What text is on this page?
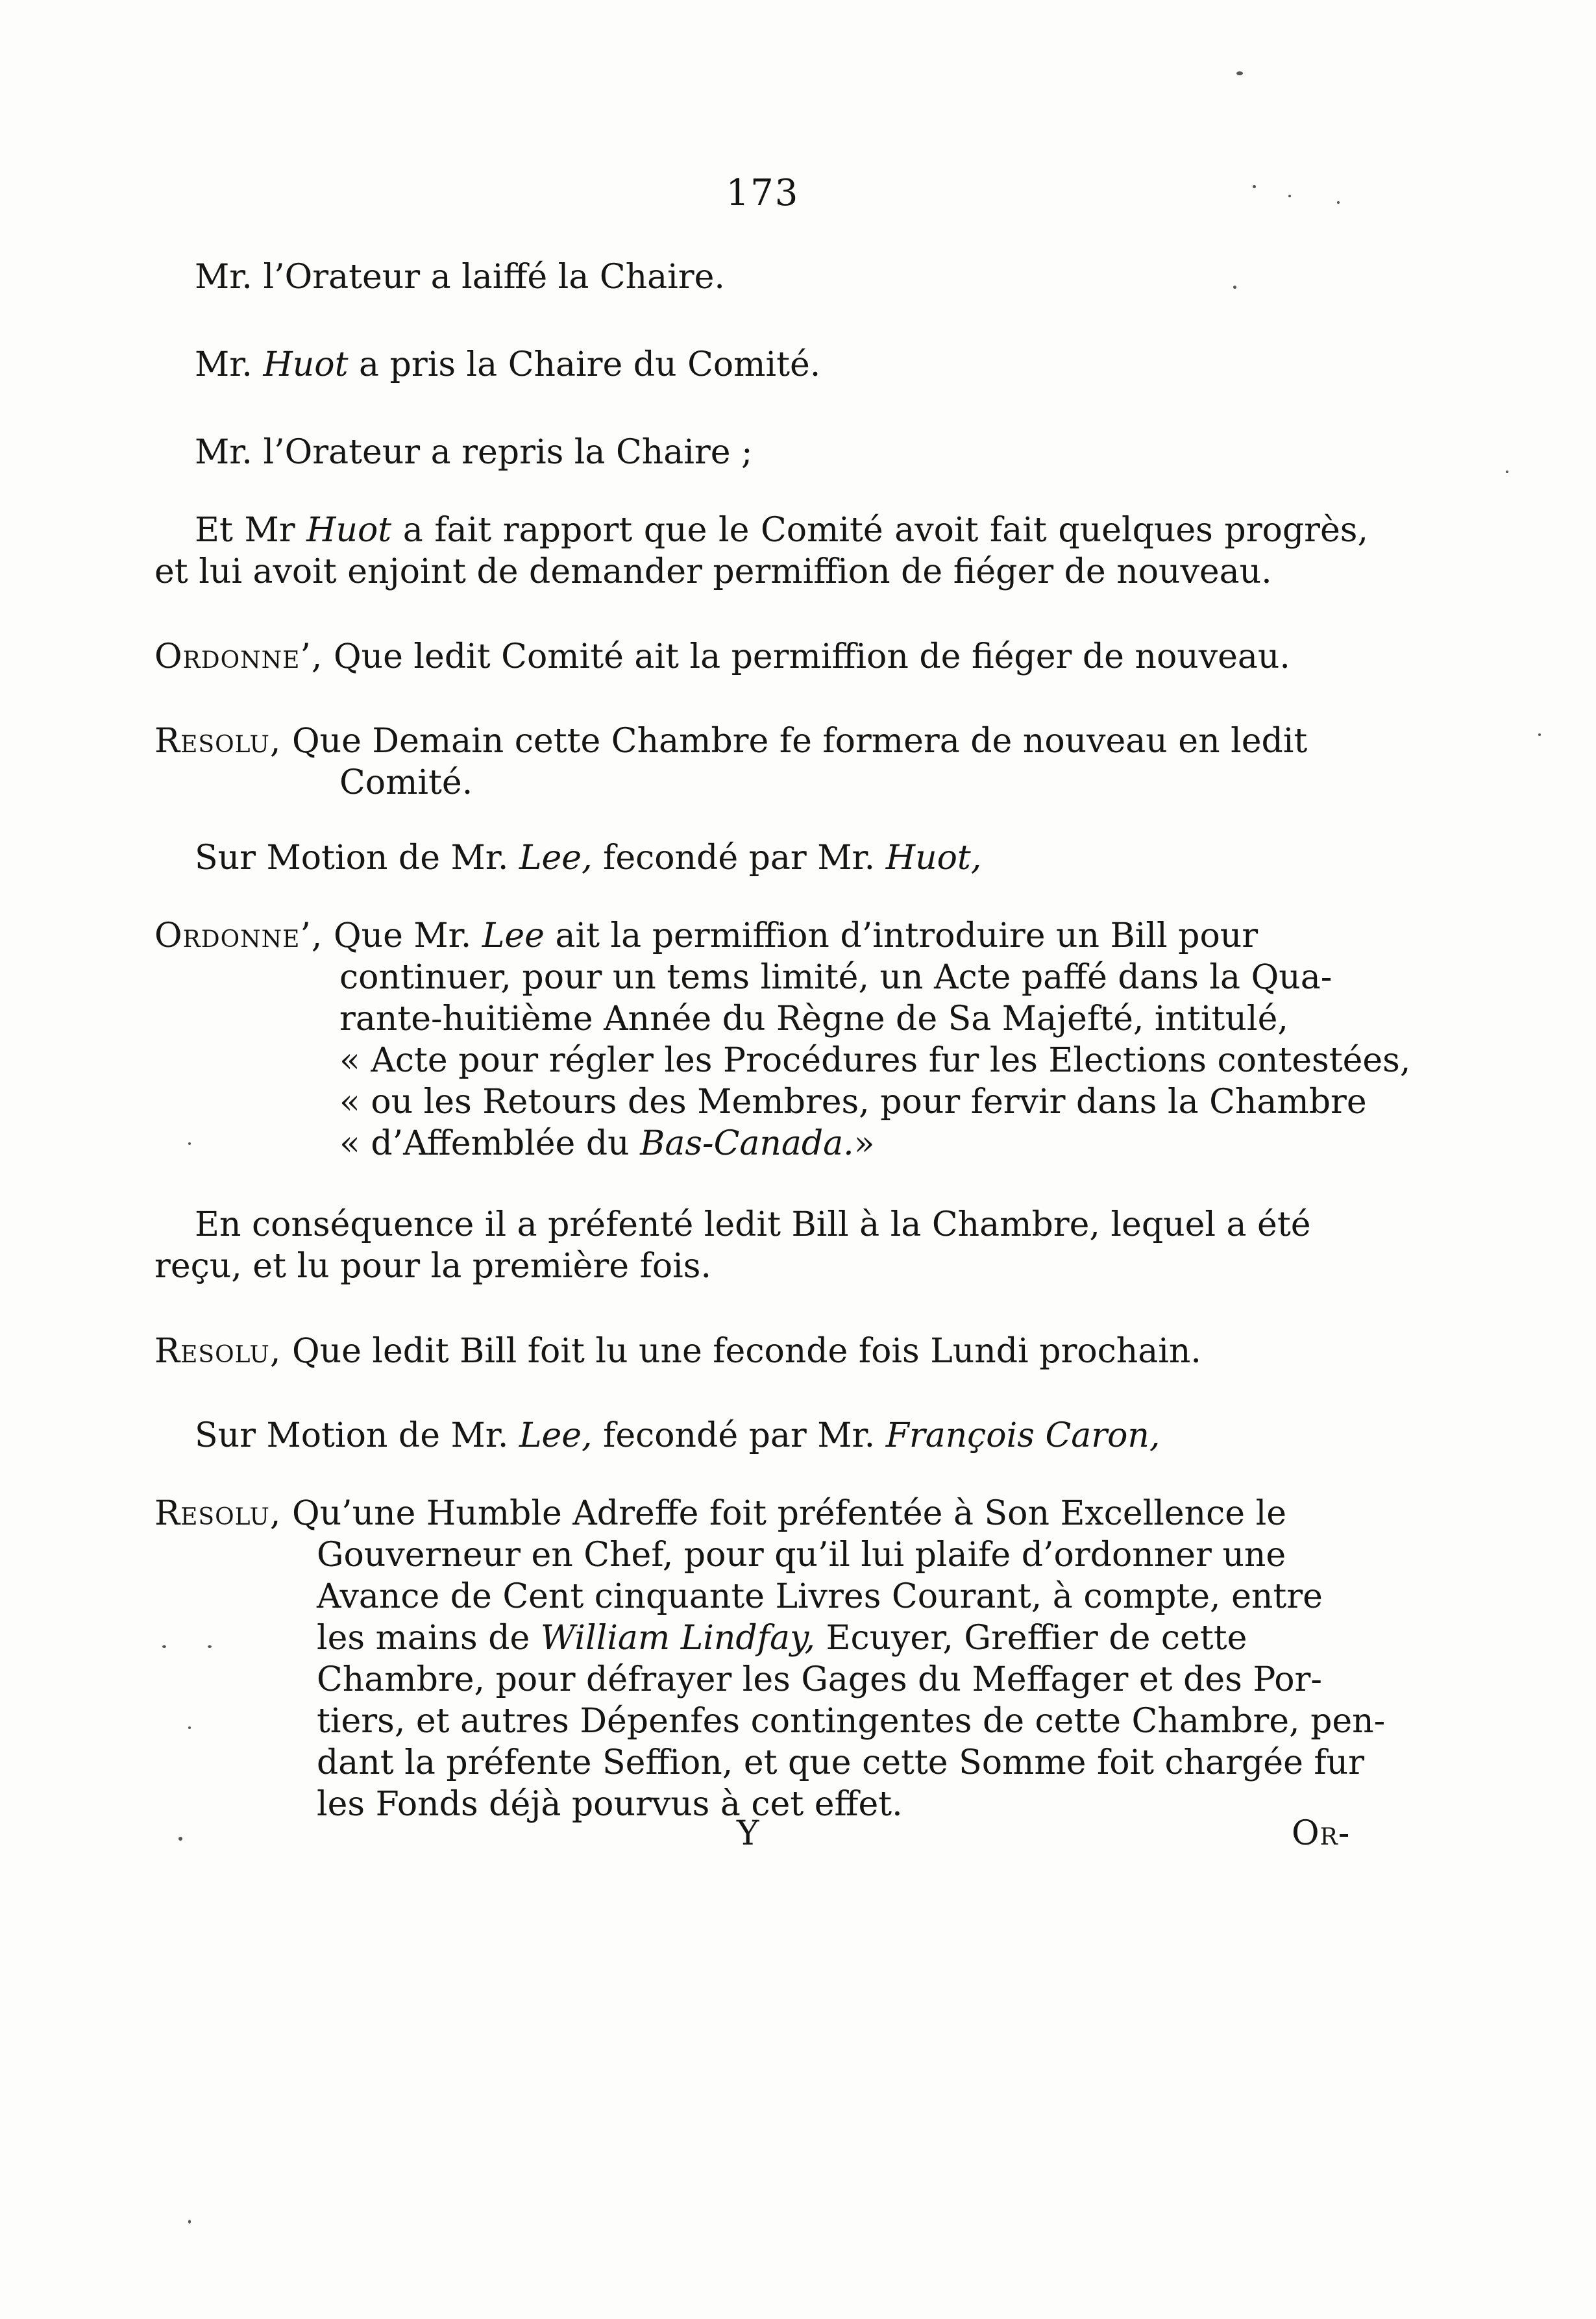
173
Mr. l’Orateur a laiffé la Chaire.
Mr. Huot a pris la Chaire du Comité.
Mr. l’Orateur a repris la Chaire ;
Et Mr Huot a fait rapport que le Comité avoit fait quelques progrès,
et lui avoit enjoint de demander permiffion de fiéger de nouveau.
Ordonne’, Que ledit Comité ait la permiffion de fiéger de nouveau.
Resolu, Que Demain cette Chambre fe formera de nouveau en ledit
Comité.
Sur Motion de Mr. Lee, fecondé par Mr. Huot,
Ordonne’, Que Mr. Lee ait la permiffion d’introduire un Bill pour
continuer, pour un tems limité, un Acte paffé dans la Qua-
rante-huitième Année du Règne de Sa Majefté, intitulé,
« Acte pour régler les Procédures fur les Elections contestées,
« ou les Retours des Membres, pour fervir dans la Chambre
« d’Affemblée du Bas-Canada.»
En conséquence il a préfenté ledit Bill à la Chambre, lequel a été
reçu, et lu pour la première fois.
Resolu, Que ledit Bill foit lu une feconde fois Lundi prochain.
Sur Motion de Mr. Lee, fecondé par Mr. François Caron,
Resolu, Qu’une Humble Adreffe foit préfentée à Son Excellence le
Gouverneur en Chef, pour qu’il lui plaife d’ordonner une
Avance de Cent cinquante Livres Courant, à compte, entre
les mains de William Lindfay, Ecuyer, Greffier de cette
Chambre, pour défrayer les Gages du Meffager et des Por-
tiers, et autres Dépenfes contingentes de cette Chambre, pen-
dant la préfente Seffion, et que cette Somme foit chargée fur
les Fonds déjà pourvus à cet effet.
Y	Or-
